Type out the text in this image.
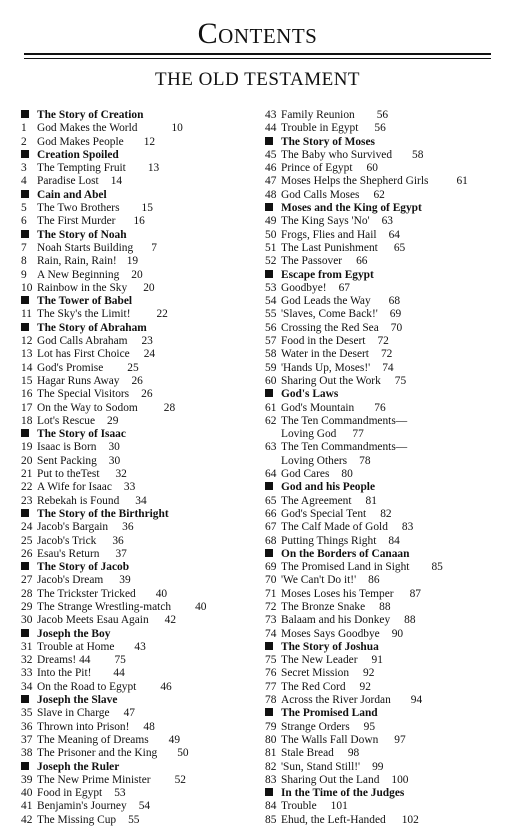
Contents
THE OLD TESTAMENT
The Story of Creation
1 God Makes the World	10
2 God Makes People 12
Creation Spoiled
3 The Tempting Fruit 13
4 Paradise Lost 14
Cain and Abel
5 The Two Brothers 15
6 The First Murder 16
The Story of Noah
7 Noah Starts Building 7
8 Rain, Rain, Rain! 19
9 A New Beginning 20
10 Rainbow in the Sky 20
The Tower of Babel
11 The Sky's the Limit! 22
The Story of Abraham
12 God Calls Abraham 23
13 Lot has First Choice 24
14 God's Promise 25
15 Hagar Runs Away 26
16 The Special Visitors 26
17 On the Way to Sodom 28
18 Lot's Rescue 29
The Story of Isaac
19 Isaac is Born 30
20 Sent Packing 30
21 Put to theTest 32
22 A Wife for Isaac 33
23 Rebekah is Found 34
The Story of the Birthright
24 Jacob's Bargain 36
25 Jacob's Trick 36
26 Esau's Return 37
The Story of Jacob
27 Jacob's Dream 39
28 The Trickster Tricked 40
29 The Strange Wrestling-match 40
30 Jacob Meets Esau Again 42
Joseph the Boy
31 Trouble at Home 43
32 Dreams! 44 75
33 Into the Pit! 44
34 On the Road to Egypt 46
Joseph the Slave
35 Slave in Charge 47
36 Thrown into Prison! 48
37 The Meaning of Dreams 49
38 The Prisoner and the King 50
Joseph the Ruler
39 The New Prime Minister 52
40 Food in Egypt 53
41 Benjamin's Journey 54
42 The Missing Cup 55
43 Family Reunion 56
44 Trouble in Egypt 56
The Story of Moses
45 The Baby who Survived 58
46 Prince of Egypt 60
47 Moses Helps the Shepherd Girls 61
48 God Calls Moses 62
Moses and the King of Egypt
49 The King Says 'No' 63
50 Frogs, Flies and Hail 64
51 The Last Punishment 65
52 The Passover 66
Escape from Egypt
53 Goodbye! 67
54 God Leads the Way 68
55 'Slaves, Come Back!' 69
56 Crossing the Red Sea 70
57 Food in the Desert 72
58 Water in the Desert 72
59 'Hands Up, Moses!' 74
60 Sharing Out the Work 75
God's Laws
61 God's Mountain 76
62 The Ten Commandments—
Loving God 77
63 The Ten Commandments—
Loving Others 78
64 God Cares 80
God and his People
65 The Agreement 81
66 God's Special Tent 82
67 The Calf Made of Gold 83
68 Putting Things Right 84
On the Borders of Canaan
69 The Promised Land in Sight 85
70 'We Can't Do it!' 86
71 Moses Loses his Temper 87
72 The Bronze Snake 88
73 Balaam and his Donkey 88
74 Moses Says Goodbye 90
The Story of Joshua
75 The New Leader 91
76 Secret Mission 92
77 The Red Cord 92
78 Across the River Jordan 94
The Promised Land
79 Strange Orders 95
80 The Walls Fall Down 97
81 Stale Bread 98
82 'Sun, Stand Still!' 99
83 Sharing Out the Land 100
In the Time of the Judges
84 Trouble 101
85 Ehud, the Left-Handed 102
